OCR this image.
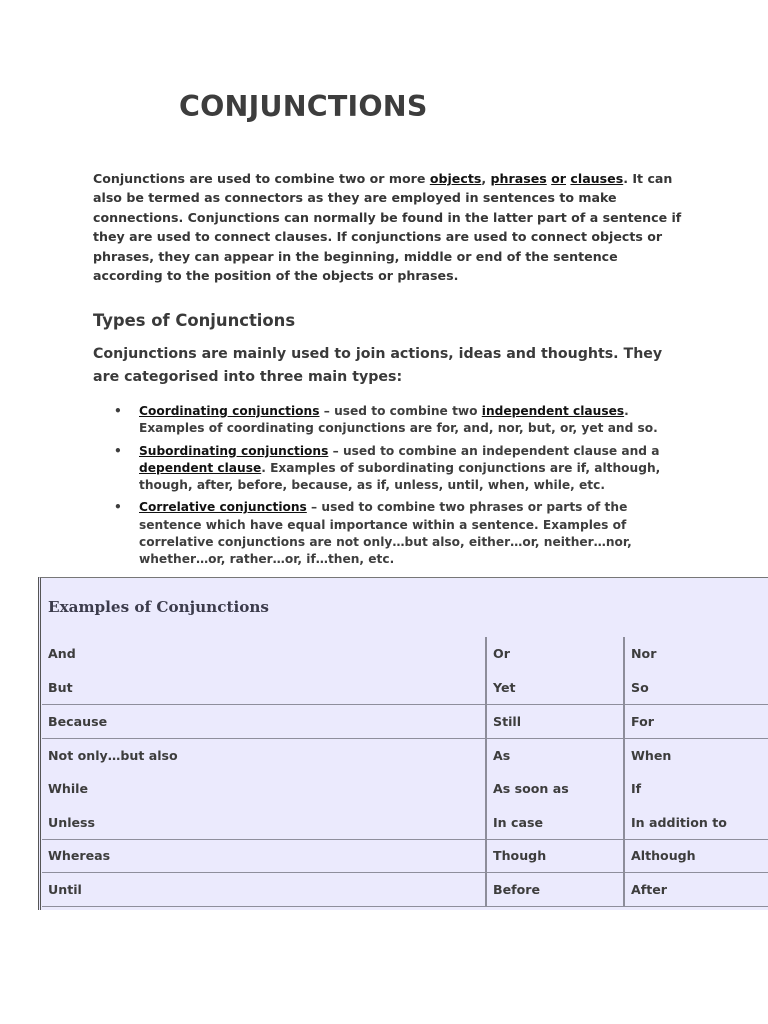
CONJUNCTIONS

Conjunctions are used to combine two or more objects, phrases or clauses. It can also be termed as connectors as they are employed in sentences to make connections. Conjunctions can normally be found in the latter part of a sentence if they are used to connect clauses. If conjunctions are used to connect objects or phrases, they can appear in the beginning, middle or end of the sentence according to the position of the objects or phrases.

Types of Conjunctions

Conjunctions are mainly used to join actions, ideas and thoughts. They are categorised into three main types:

• Coordinating conjunctions – used to combine two independent clauses. Examples of coordinating conjunctions are for, and, nor, but, or, yet and so.
• Subordinating conjunctions – used to combine an independent clause and a dependent clause. Examples of subordinating conjunctions are if, although, though, after, before, because, as if, unless, until, when, while, etc.
• Correlative conjunctions – used to combine two phrases or parts of the sentence which have equal importance within a sentence. Examples of correlative conjunctions are not only…but also, either…or, neither…nor, whether…or, rather…or, if…then, etc.
Examples of Conjunctions
And	Or	Nor
But	Yet	So
Because	Still	For
Not only…but also	As	When
While	As soon as	If
Unless	In case	In addition to
Whereas	Though	Although
Until	Before	After
